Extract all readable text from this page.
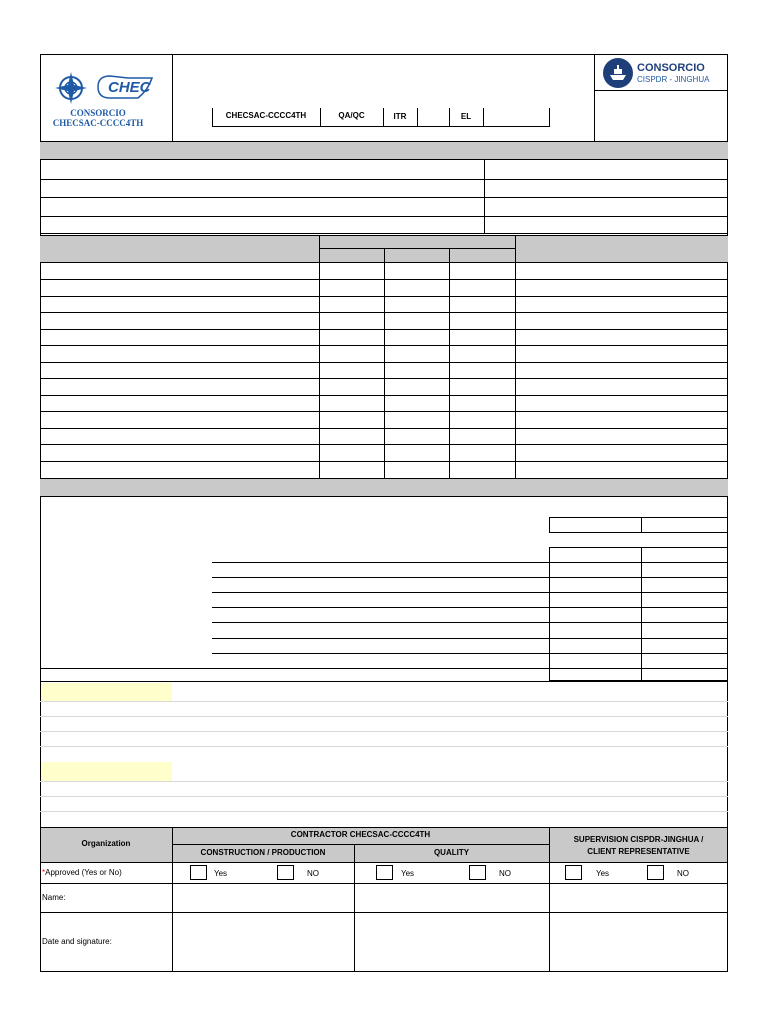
CHEC
CONSORCIO
CHECSAC-CCCC4TH
CHECSAC-CCCC4TH	QA/QC	ITR	EL
CONSORCIO
CISPDR - JINGHUA
Organization
CONTRACTOR CHECSAC-CCCC4TH
CONSTRUCTION / PRODUCTION	QUALITY
SUPERVISION CISPDR-JINGHUA / CLIENT REPRESENTATIVE
*Approved (Yes or No)	Yes	NO	Yes	NO	Yes	NO
Name:
Date and signature:
